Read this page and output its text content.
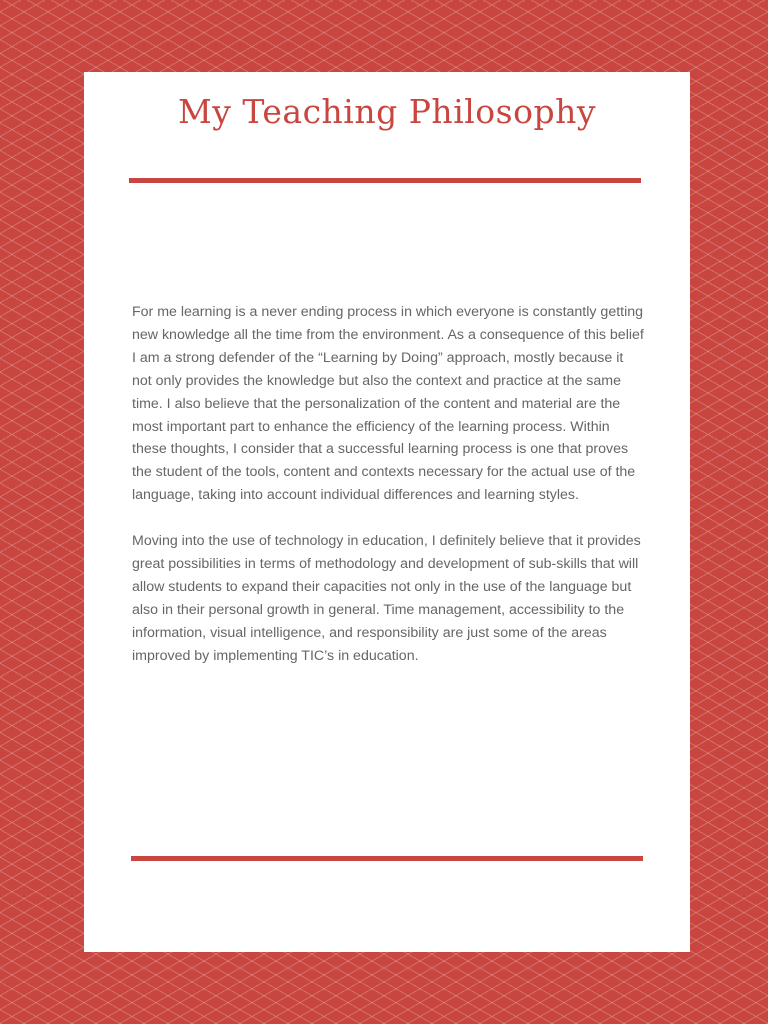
My Teaching Philosophy

For me learning is a never ending process in which everyone is constantly getting new knowledge all the time from the environment. As a consequence of this belief I am a strong defender of the “Learning by Doing” approach, mostly because it not only provides the knowledge but also the context and practice at the same time. I also believe that the personalization of the content and material are the most important part to enhance the efficiency of the learning process. Within these thoughts, I consider that a successful learning process is one that proves the student of the tools, content and contexts necessary for the actual use of the language, taking into account individual differences and learning styles.

Moving into the use of technology in education, I definitely believe that it provides great possibilities in terms of methodology and development of sub-skills that will allow students to expand their capacities not only in the use of the language but also in their personal growth in general. Time management, accessibility to the information, visual intelligence, and responsibility are just some of the areas improved by implementing TIC’s in education.
